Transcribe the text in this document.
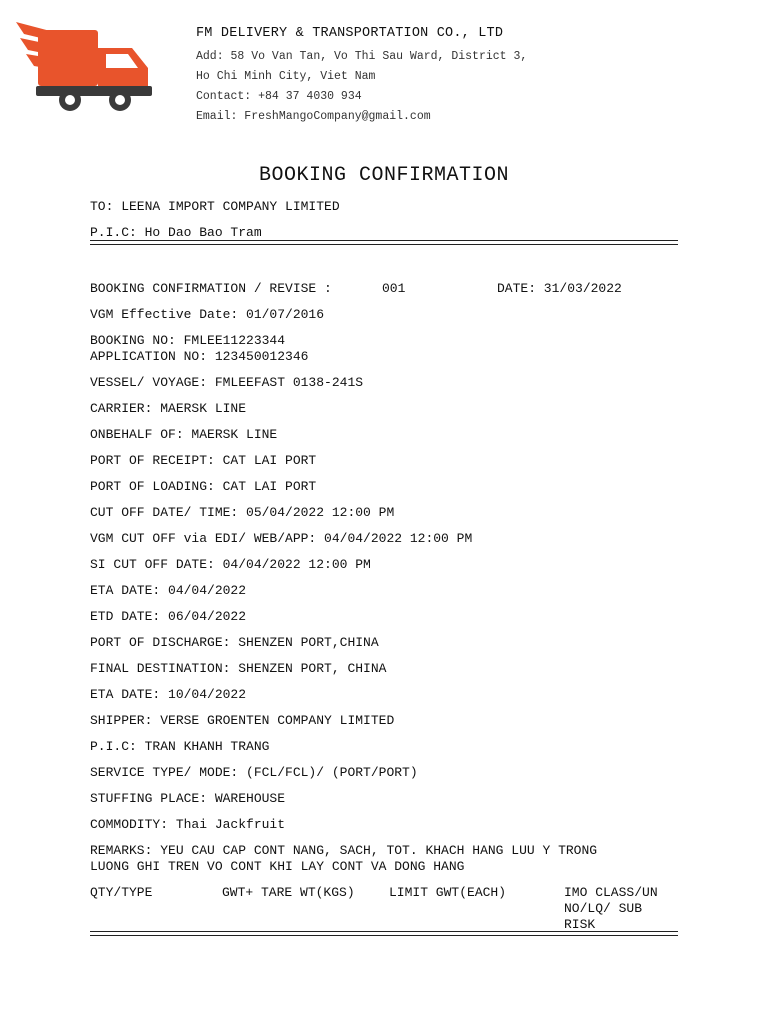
FM DELIVERY & TRANSPORTATION CO., LTD
Add: 58 Vo Van Tan, Vo Thi Sau Ward, District 3,
Ho Chi Minh City, Viet Nam
Contact: +84 37 4030 934
Email: FreshMangoCompany@gmail.com
BOOKING CONFIRMATION
TO: LEENA IMPORT COMPANY LIMITED
P.I.C: Ho Dao Bao Tram
BOOKING CONFIRMATION / REVISE :	001	DATE: 31/03/2022
VGM Effective Date: 01/07/2016
BOOKING NO: FMLEE11223344
APPLICATION NO: 123450012346
VESSEL/ VOYAGE: FMLEEFAST 0138-241S
CARRIER: MAERSK LINE
ONBEHALF OF: MAERSK LINE
PORT OF RECEIPT: CAT LAI PORT
PORT OF LOADING: CAT LAI PORT
CUT OFF DATE/ TIME: 05/04/2022 12:00 PM
VGM CUT OFF via EDI/ WEB/APP: 04/04/2022 12:00 PM
SI CUT OFF DATE: 04/04/2022 12:00 PM
ETA DATE: 04/04/2022
ETD DATE: 06/04/2022
PORT OF DISCHARGE: SHENZEN PORT,CHINA
FINAL DESTINATION: SHENZEN PORT, CHINA
ETA DATE: 10/04/2022
SHIPPER: VERSE GROENTEN COMPANY LIMITED
P.I.C: TRAN KHANH TRANG
SERVICE TYPE/ MODE: (FCL/FCL)/ (PORT/PORT)
STUFFING PLACE: WAREHOUSE
COMMODITY: Thai Jackfruit
REMARKS: YEU CAU CAP CONT NANG, SACH, TOT. KHACH HANG LUU Y TRONG
LUONG GHI TREN VO CONT KHI LAY CONT VA DONG HANG
QTY/TYPE	GWT+ TARE WT(KGS)	LIMIT GWT(EACH)	IMO CLASS/UN
NO/LQ/ SUB
RISK
